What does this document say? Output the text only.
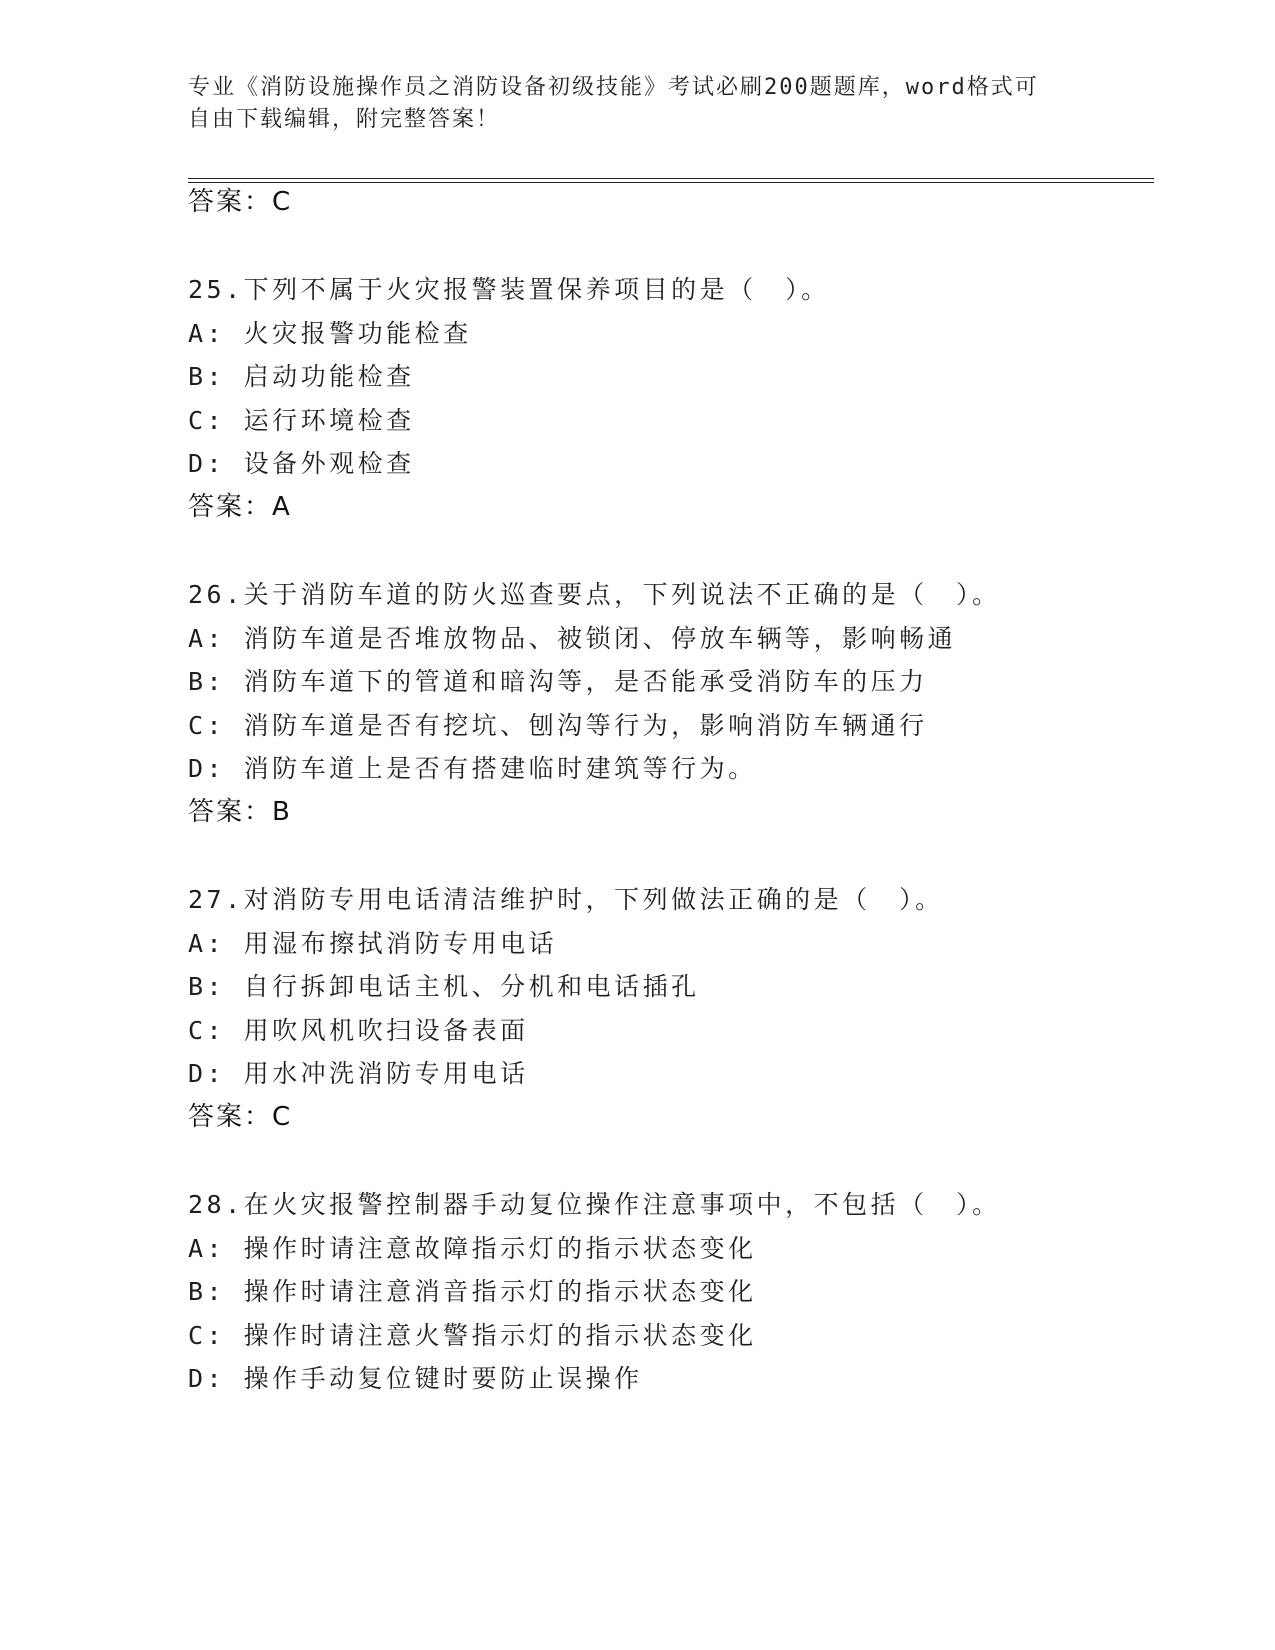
专业《消防设施操作员之消防设备初级技能》考试必刷200题题库，word格式可
自由下载编辑，附完整答案！
答案：C
25.下列不属于火灾报警装置保养项目的是（　）。
A: 火灾报警功能检查
B: 启动功能检查
C: 运行环境检查
D: 设备外观检查
答案：A
26.关于消防车道的防火巡查要点，下列说法不正确的是（　）。
A: 消防车道是否堆放物品、被锁闭、停放车辆等，影响畅通
B: 消防车道下的管道和暗沟等，是否能承受消防车的压力
C: 消防车道是否有挖坑、刨沟等行为，影响消防车辆通行
D: 消防车道上是否有搭建临时建筑等行为。
答案：B
27.对消防专用电话清洁维护时，下列做法正确的是（　）。
A: 用湿布擦拭消防专用电话
B: 自行拆卸电话主机、分机和电话插孔
C: 用吹风机吹扫设备表面
D: 用水冲洗消防专用电话
答案：C
28.在火灾报警控制器手动复位操作注意事项中，不包括（　）。
A: 操作时请注意故障指示灯的指示状态变化
B: 操作时请注意消音指示灯的指示状态变化
C: 操作时请注意火警指示灯的指示状态变化
D: 操作手动复位键时要防止误操作
